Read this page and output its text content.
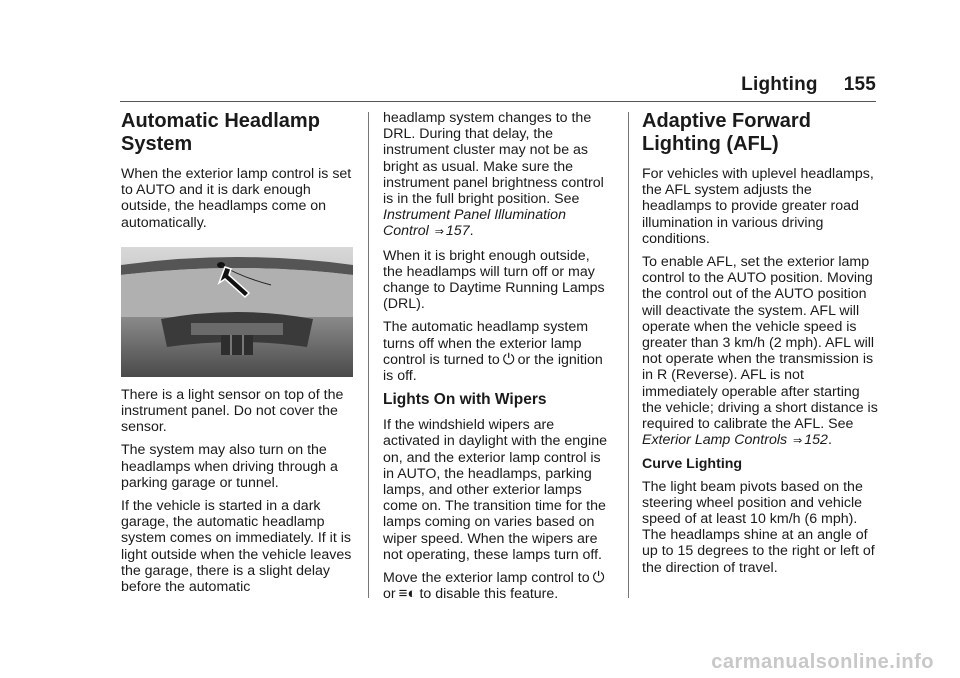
Lighting 155
Automatic Headlamp System

When the exterior lamp control is set to AUTO and it is dark enough outside, the headlamps come on automatically.

There is a light sensor on top of the instrument panel. Do not cover the sensor.

The system may also turn on the headlamps when driving through a parking garage or tunnel.

If the vehicle is started in a dark garage, the automatic headlamp system comes on immediately. If it is light outside when the vehicle leaves the garage, there is a slight delay before the automatic

headlamp system changes to the DRL. During that delay, the instrument cluster may not be as bright as usual. Make sure the instrument panel brightness control is in the full bright position. See Instrument Panel Illumination Control ⇒ 157.

When it is bright enough outside, the headlamps will turn off or may change to Daytime Running Lamps (DRL).

The automatic headlamp system turns off when the exterior lamp control is turned to ⏻ or the ignition is off.

Lights On with Wipers

If the windshield wipers are activated in daylight with the engine on, and the exterior lamp control is in AUTO, the headlamps, parking lamps, and other exterior lamps come on. The transition time for the lamps coming on varies based on wiper speed. When the wipers are not operating, these lamps turn off.

Move the exterior lamp control to ⏻
or ≡◐ to disable this feature.

Adaptive Forward Lighting (AFL)

For vehicles with uplevel headlamps, the AFL system adjusts the headlamps to provide greater road illumination in various driving conditions.

To enable AFL, set the exterior lamp control to the AUTO position. Moving the control out of the AUTO position will deactivate the system. AFL will operate when the vehicle speed is greater than 3 km/h (2 mph). AFL will not operate when the transmission is in R (Reverse). AFL is not immediately operable after starting the vehicle; driving a short distance is required to calibrate the AFL. See Exterior Lamp Controls ⇒ 152.

Curve Lighting

The light beam pivots based on the steering wheel position and vehicle speed of at least 10 km/h (6 mph). The headlamps shine at an angle of up to 15 degrees to the right or left of the direction of travel.

carmanualsonline.info
